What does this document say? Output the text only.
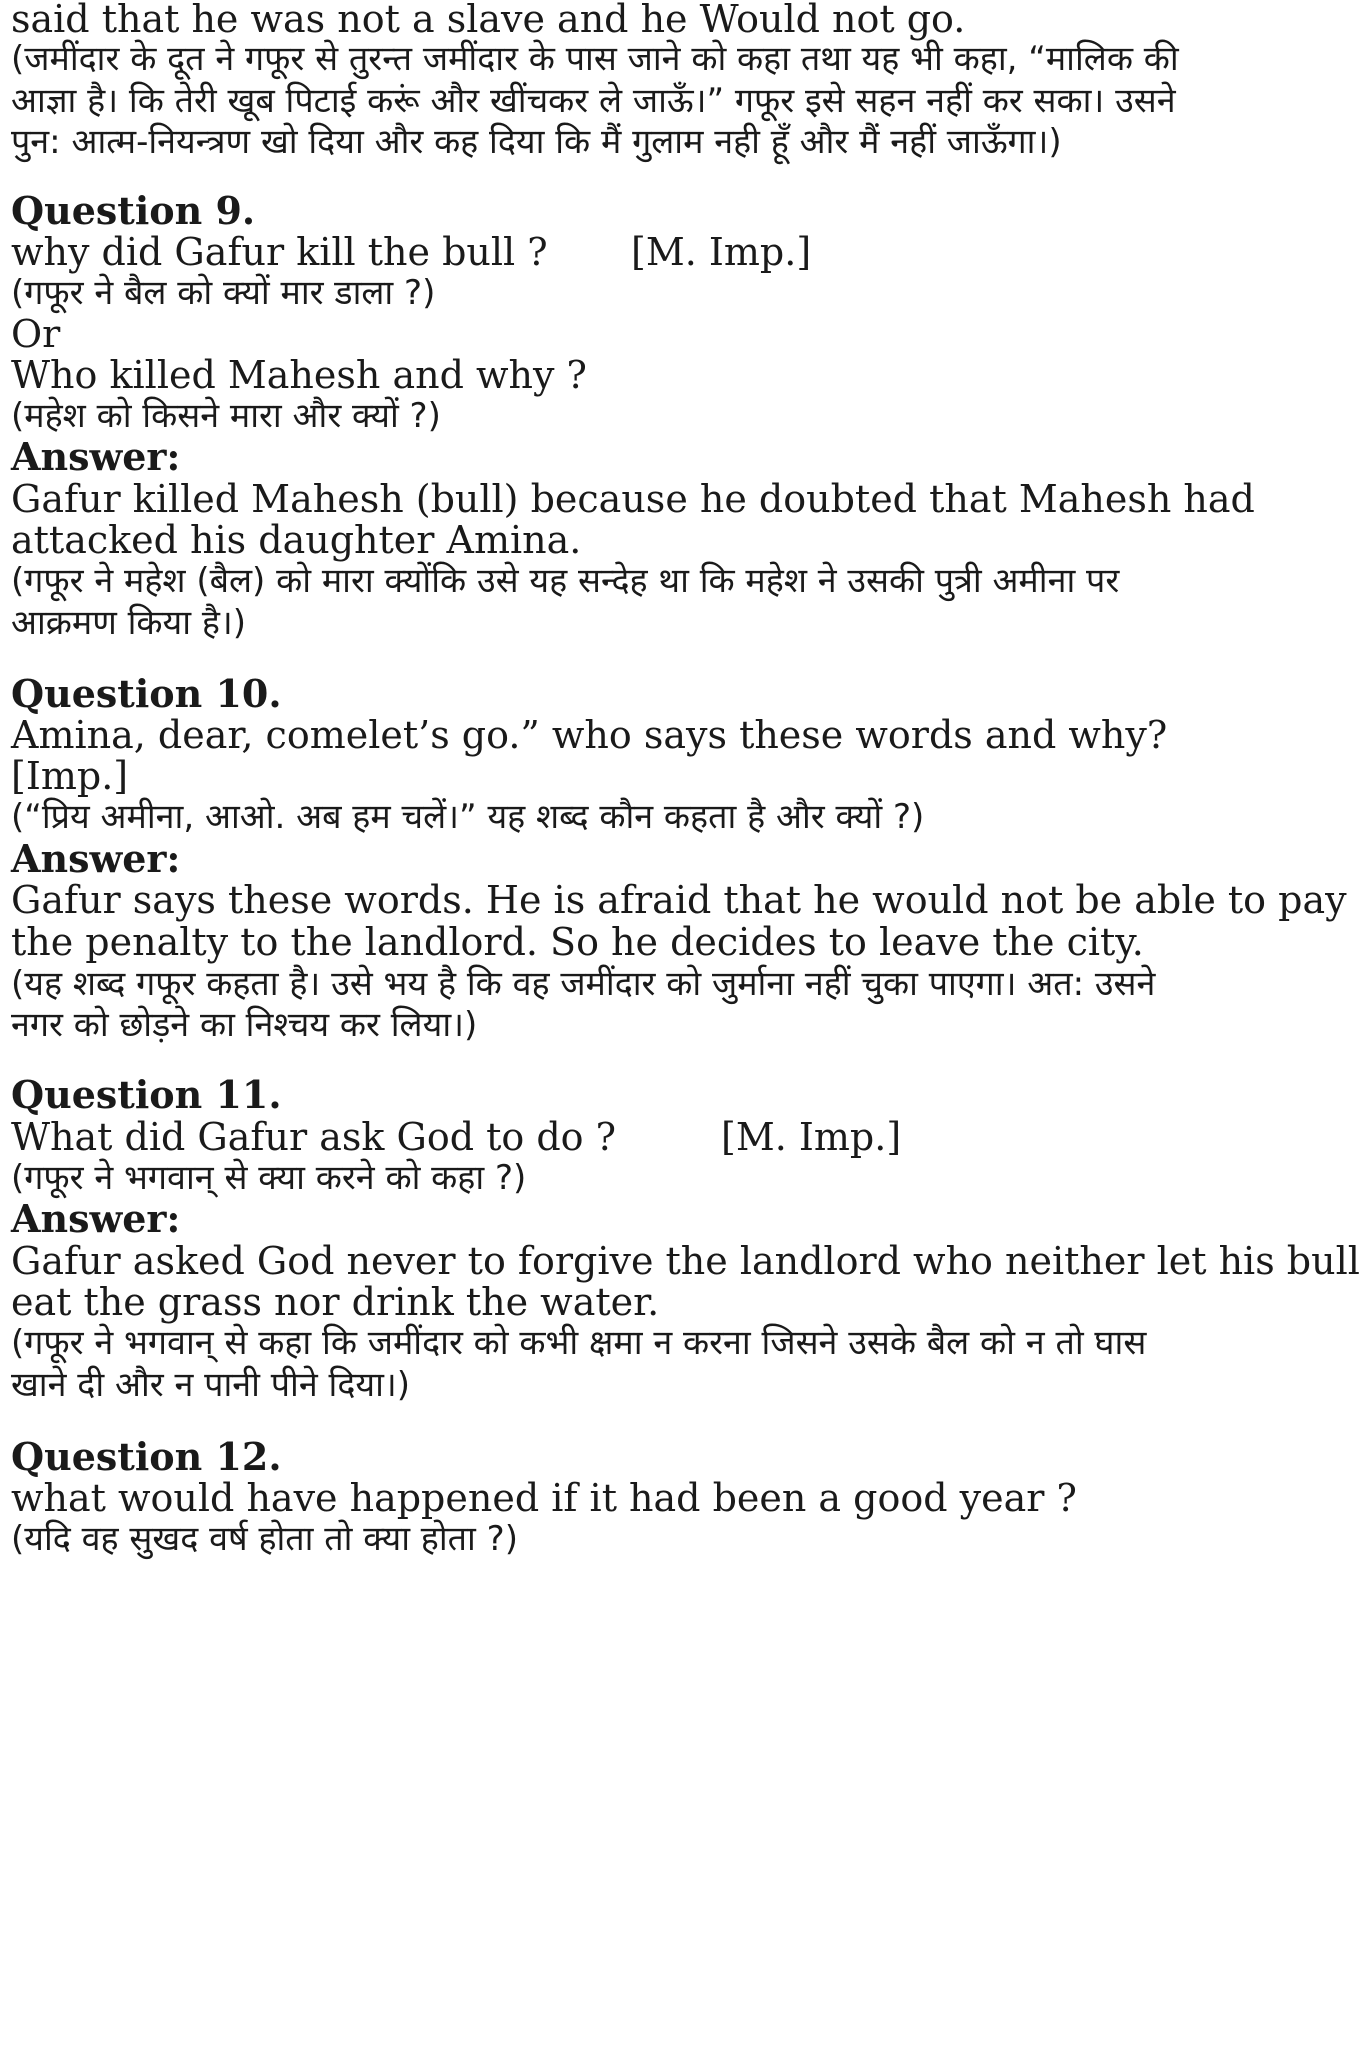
said that he was not a slave and he Would not go.
(जमींदार के दूत ने गफूर से तुरन्त जमींदार के पास जाने को कहा तथा यह भी कहा, “मालिक की
आज्ञा है। कि तेरी खूब पिटाई करूं और खींचकर ले जाऊँ।” गफूर इसे सहन नहीं कर सका। उसने
पुन: आत्म-नियन्त्रण खो दिया और कह दिया कि मैं गुलाम नही हूँ और मैं नहीं जाऊँगा।)
Question 9.
why did Gafur kill the bull ? [M. Imp.]
(गफूर ने बैल को क्यों मार डाला ?)
Or
Who killed Mahesh and why ?
(महेश को किसने मारा और क्यों ?)
Answer:
Gafur killed Mahesh (bull) because he doubted that Mahesh had
attacked his daughter Amina.
(गफूर ने महेश (बैल) को मारा क्योंकि उसे यह सन्देह था कि महेश ने उसकी पुत्री अमीना पर
आक्रमण किया है।)
Question 10.
Amina, dear, comelet’s go.” who says these words and why?
[Imp.]
(“प्रिय अमीना, आओ. अब हम चलें।” यह शब्द कौन कहता है और क्यों ?)
Answer:
Gafur says these words. He is afraid that he would not be able to pay
the penalty to the landlord. So he decides to leave the city.
(यह शब्द गफूर कहता है। उसे भय है कि वह जमींदार को जुर्माना नहीं चुका पाएगा। अत: उसने
नगर को छोड़ने का निश्चय कर लिया।)
Question 11.
What did Gafur ask God to do ?	[M. Imp.]
(गफूर ने भगवान् से क्या करने को कहा ?)
Answer:
Gafur asked God never to forgive the landlord who neither let his bull
eat the grass nor drink the water.
(गफूर ने भगवान् से कहा कि जमींदार को कभी क्षमा न करना जिसने उसके बैल को न तो घास
खाने दी और न पानी पीने दिया।)
Question 12.
what would have happened if it had been a good year ?
(यदि वह सुखद वर्ष होता तो क्या होता ?)
